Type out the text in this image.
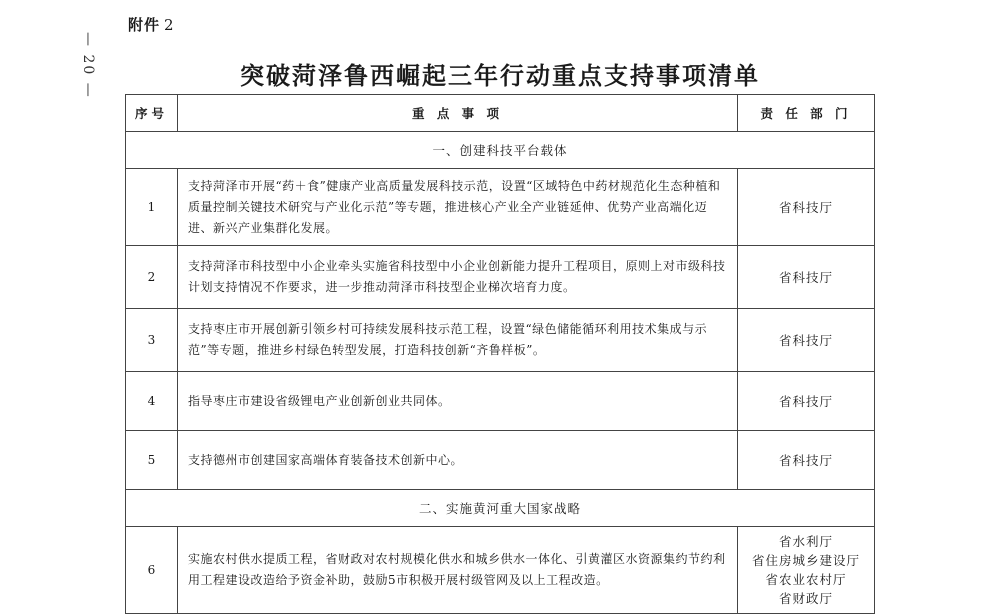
附件 2
— 20 —	突破菏泽鲁西崛起三年行动重点支持事项清单
序号	重 点 事 项	责 任 部 门
一、创建科技平台载体		
1	支持菏泽市开展“药＋食”健康产业高质量发展科技示范，设置“区域特色中药材规范化生态种植和质量控制关键技术研究与产业化示范”等专题，推进核心产业全产业链延伸、优势产业高端化迈进、新兴产业集群化发展。	省科技厅

2	支持菏泽市科技型中小企业牵头实施省科技型中小企业创新能力提升工程项目，原则上对市级科技计划支持情况不作要求，进一步推动菏泽市科技型企业梯次培育力度。	省科技厅

3	支持枣庄市开展创新引领乡村可持续发展科技示范工程，设置“绿色储能循环利用技术集成与示范”等专题，推进乡村绿色转型发展，打造科技创新“齐鲁样板”。	省科技厅

4	指导枣庄市建设省级锂电产业创新创业共同体。	省科技厅

5	支持德州市创建国家高端体育装备技术创新中心。	省科技厅

二、实施黄河重大国家战略		
6	实施农村供水提质工程，省财政对农村规模化供水和城乡供水一体化、引黄灌区水资源集约节约利用工程建设改造给予资金补助，鼓励5市积极开展村级管网及以上工程改造。	省水利厅
省住房城乡建设厅
省农业农村厅
省财政厅
